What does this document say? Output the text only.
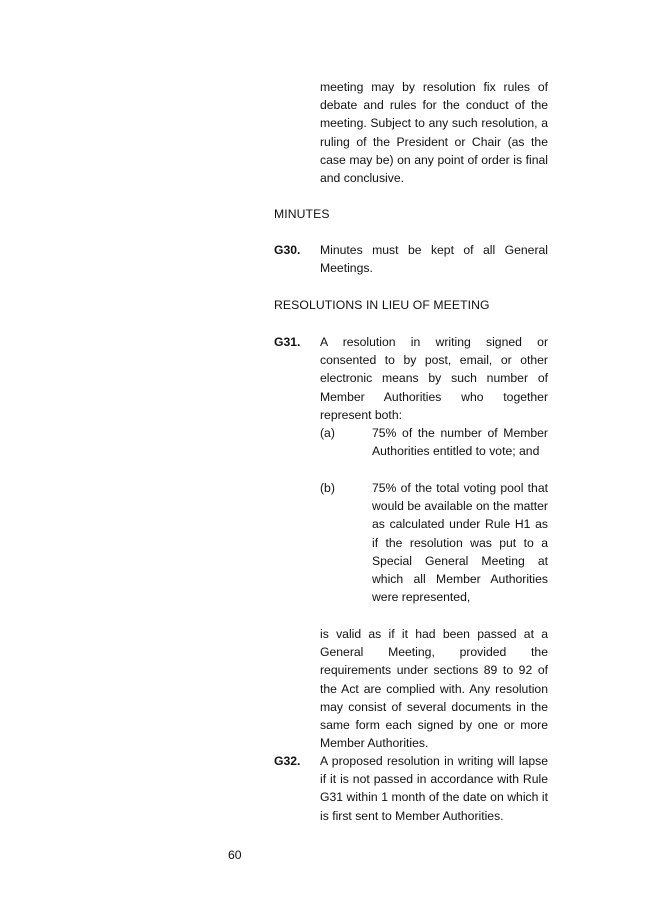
meeting may by resolution fix rules of debate and rules for the conduct of the meeting. Subject to any such resolution, a ruling of the President or Chair (as the case may be) on any point of order is final and conclusive.

MINUTES
G30. Minutes must be kept of all General Meetings.

RESOLUTIONS IN LIEU OF MEETING
G31. A resolution in writing signed or consented to by post, email, or other electronic means by such number of Member Authorities who together represent both:

(a)	75% of the number of Member Authorities entitled to vote; and

(b)	75% of the total voting pool that would be available on the matter as calculated under Rule H1 as if the resolution was put to a Special General Meeting at which all Member Authorities were represented,

is valid as if it had been passed at a General Meeting, provided the requirements under sections 89 to 92 of the Act are complied with. Any resolution may consist of several documents in the same form each signed by one or more Member Authorities.

G32. A proposed resolution in writing will lapse if it is not passed in accordance with Rule G31 within 1 month of the date on which it is first sent to Member Authorities.

60
